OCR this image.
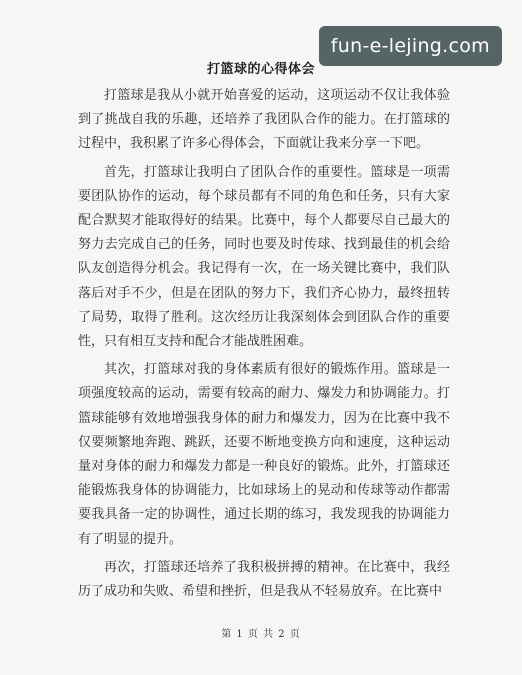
fun-e-lejing.com
打篮球的心得体会

打篮球是我从小就开始喜爱的运动，这项运动不仅让我体验到了挑战自我的乐趣，还培养了我团队合作的能力。在打篮球的过程中，我积累了许多心得体会，下面就让我来分享一下吧。

首先，打篮球让我明白了团队合作的重要性。篮球是一项需要团队协作的运动，每个球员都有不同的角色和任务，只有大家配合默契才能取得好的结果。比赛中，每个人都要尽自己最大的努力去完成自己的任务，同时也要及时传球、找到最佳的机会给队友创造得分机会。我记得有一次，在一场关键比赛中，我们队落后对手不少，但是在团队的努力下，我们齐心协力，最终扭转了局势，取得了胜利。这次经历让我深刻体会到团队合作的重要性，只有相互支持和配合才能战胜困难。

其次，打篮球对我的身体素质有很好的锻炼作用。篮球是一项强度较高的运动，需要有较高的耐力、爆发力和协调能力。打篮球能够有效地增强我身体的耐力和爆发力，因为在比赛中我不仅要频繁地奔跑、跳跃，还要不断地变换方向和速度，这种运动量对身体的耐力和爆发力都是一种良好的锻炼。此外，打篮球还能锻炼我身体的协调能力，比如球场上的晃动和传球等动作都需要我具备一定的协调性，通过长期的练习，我发现我的协调能力有了明显的提升。

再次，打篮球还培养了我积极拼搏的精神。在比赛中，我经历了成功和失败、希望和挫折，但是我从不轻易放弃。在比赛中

第 1 页 共 2 页
